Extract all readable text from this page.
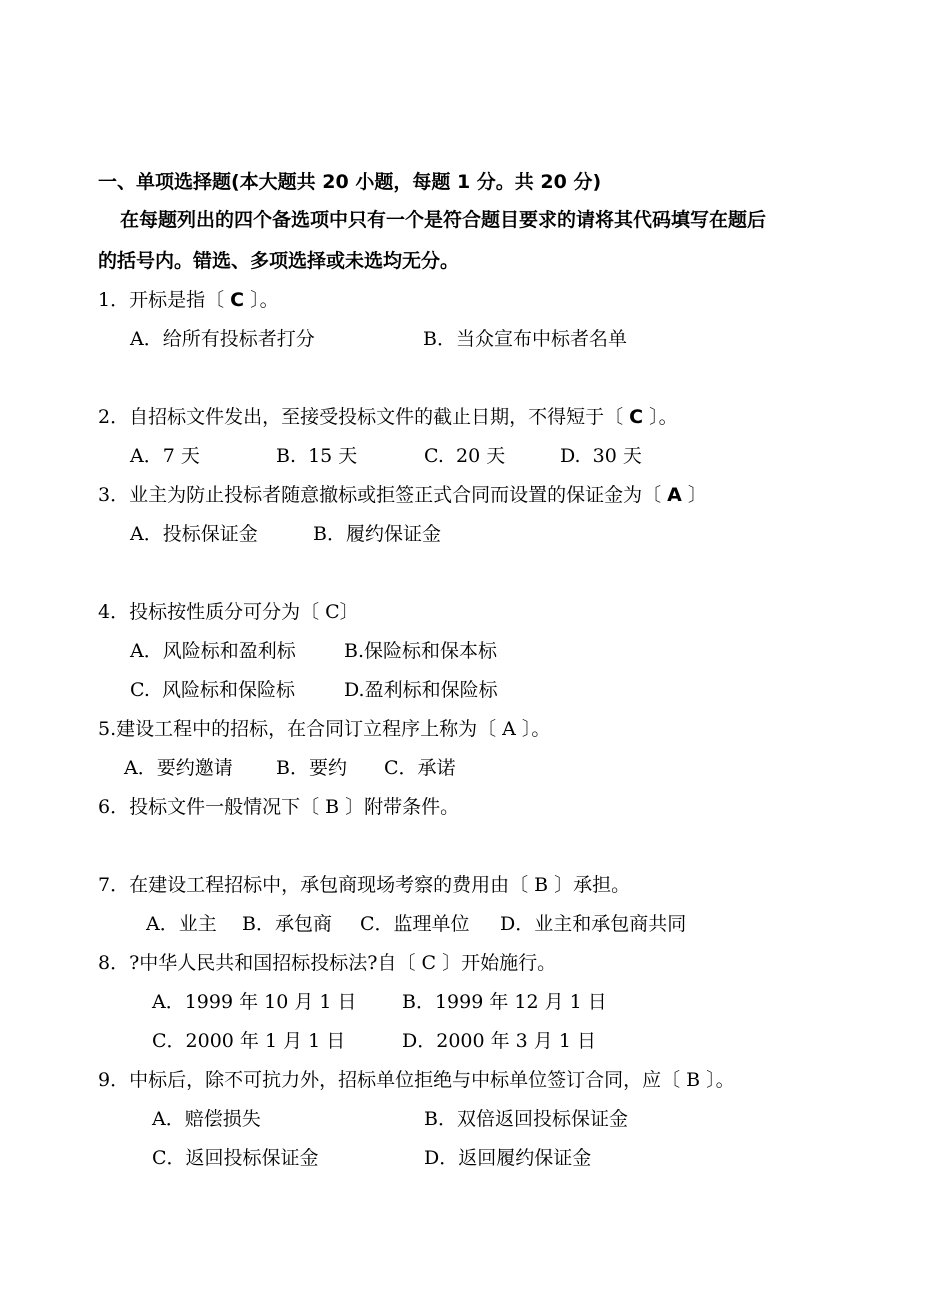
一、单项选择题(本大题共 20 小题，每题 1 分。共 20 分)
在每题列出的四个备选项中只有一个是符合题目要求的请将其代码填写在题后
的括号内。错选、多项选择或未选均无分。
1．开标是指〔 C 〕。
A．给所有投标者打分	B．当众宣布中标者名单
2．自招标文件发出，至接受投标文件的截止日期，不得短于〔 C 〕。
A．7 天	B.  15 天	C.  20 天	D.  30 天
3．业主为防止投标者随意撤标或拒签正式合同而设置的保证金为〔 A 〕
A．投标保证金	B．履约保证金
4．投标按性质分可分为〔 C〕
A．风险标和盈利标	B.保险标和保本标
C.  风险标和保险标	D.盈利标和保险标
5.建设工程中的招标，在合同订立程序上称为〔 A 〕。
A．要约邀请 B．要约 C．承诺
6．投标文件一般情况下〔 B 〕附带条件。
7．在建设工程招标中，承包商现场考察的费用由〔 B 〕承担。
A．业主 B．承包商 C．监理单位 D．业主和承包商共同
8．?中华人民共和国招标投标法?自〔 C 〕开始施行。
A．1999 年 10 月 1 日 B．1999 年 12 月 1 日
C．2000 年 1 月 1 日	D．2000 年 3 月 1 日
9．中标后，除不可抗力外，招标单位拒绝与中标单位签订合同，应〔 B 〕。
A．赔偿损失	B．双倍返回投标保证金
C．返回投标保证金	D．返回履约保证金
